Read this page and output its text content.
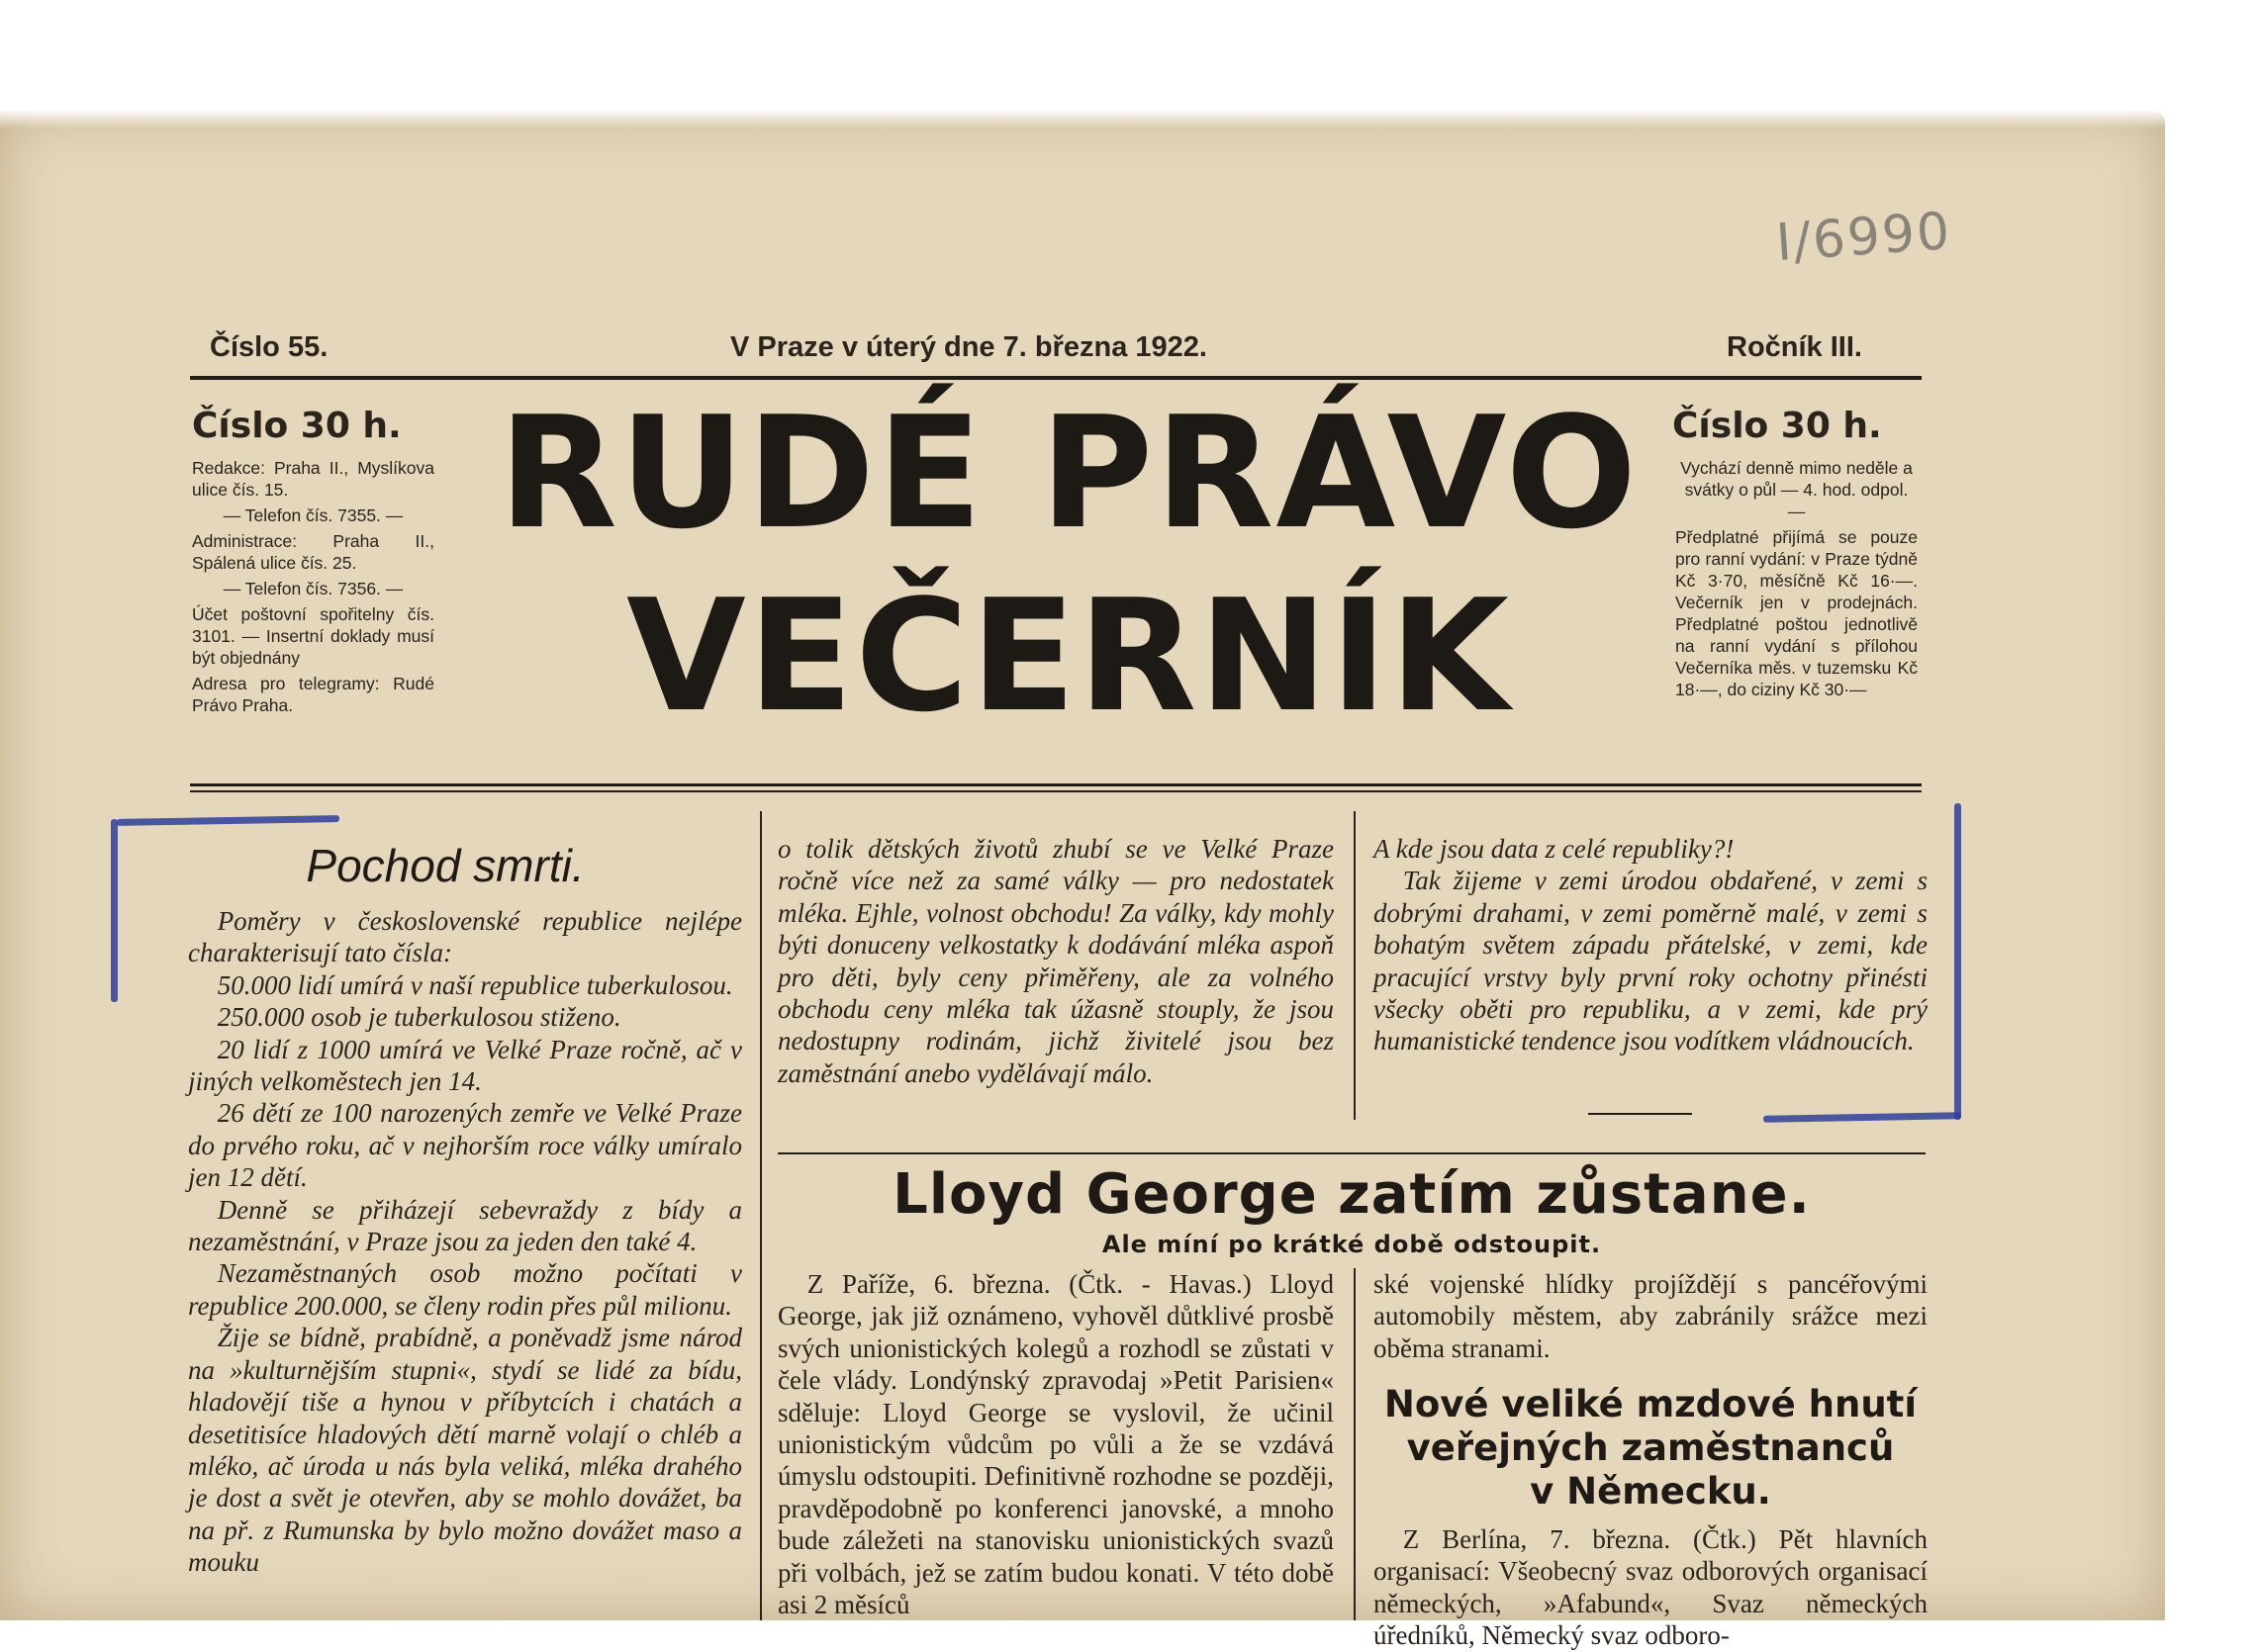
I/6990
Číslo 55.	V Praze v úterý dne 7. března 1922.	Ročník III.
Číslo 30 h.

Redakce: Praha II., Myslíkova ulice čís. 15.

— Telefon čís. 7355. —

Administrace: Praha II., Spálená ulice čís. 25.

— Telefon čís. 7356. —

Účet poštovní spořitelny čís. 3101. — Insertní doklady musí být objednány

Adresa pro telegramy: Rudé Právo Praha.

RUDÉ PRÁVO
VEČERNÍK
Číslo 30 h.

Vychází denně mimo neděle a svátky o půl — 4. hod. odpol. —

Předplatné přijímá se pouze pro ranní vydání: v Praze týdně Kč 3·70, měsíčně Kč 16·—. Večerník jen v prodejnách. Předplatné poštou jednotlivě na ranní vydání s přílohou Večerníka měs. v tuzemsku Kč 18·—, do ciziny Kč 30·—

Pochod smrti.

Poměry v československé republice nejlépe charakterisují tato čísla:

50.000 lidí umírá v naší republice tuberkulosou.

250.000 osob je tuberkulosou stiženo.

20 lidí z 1000 umírá ve Velké Praze ročně, ač v jiných velkoměstech jen 14.

26 dětí ze 100 narozených zemře ve Velké Praze do prvého roku, ač v nejhorším roce války umíralo jen 12 dětí.

Denně se přiházejí sebevraždy z bídy a nezaměstnání, v Praze jsou za jeden den také 4.

Nezaměstnaných osob možno počítati v republice 200.000, se členy rodin přes půl milionu.

Žije se bídně, prabídně, a poněvadž jsme národ na »kulturnějším stupni«, stydí se lidé za bídu, hladovějí tiše a hynou v příbytcích i chatách a desetitisíce hladových dětí marně volají o chléb a mléko, ač úroda u nás byla veliká, mléka drahého je dost a svět je otevřen, aby se mohlo dovážet, ba na př. z Rumunska by bylo možno dovážet maso a mouku

o tolik dětských životů zhubí se ve Velké Praze ročně více než za samé války — pro nedostatek mléka. Ejhle, volnost obchodu! Za války, kdy mohly býti donuceny velkostatky k dodávání mléka aspoň pro děti, byly ceny přiměřeny, ale za volného obchodu ceny mléka tak úžasně stouply, že jsou nedostupny rodinám, jichž živitelé jsou bez zaměstnání anebo vydělávají málo.

A kde jsou data z celé republiky?!

Tak žijeme v zemi úrodou obdařené, v zemi s dobrými drahami, v zemi poměrně malé, v zemi s bohatým světem západu přátelské, v zemi, kde pracující vrstvy byly první roky ochotny přinésti všecky oběti pro republiku, a v zemi, kde prý humanistické tendence jsou vodítkem vládnoucích.

Lloyd George zatím zůstane.
Ale míní po krátké době odstoupit.

Z Paříže, 6. března. (Čtk. - Havas.) Lloyd George, jak již oznámeno, vyhověl důtklivé prosbě svých unionistických kolegů a rozhodl se zůstati v čele vlády. Londýnský zpravodaj »Petit Parisien« sděluje: Lloyd George se vyslovil, že učinil unionistickým vůdcům po vůli a že se vzdává úmyslu odstoupiti. Definitivně rozhodne se později, pravděpodobně po konferenci janovské, a mnoho bude záležeti na stanovisku unionistických svazů při volbách, jež se zatím budou konati. V této době asi 2 měsíců

ské vojenské hlídky projíždějí s pancéřovými automobily městem, aby zabránily srážce mezi oběma stranami.

Nové veliké mzdové hnutí
veřejných zaměstnanců
v Německu.

Z Berlína, 7. března. (Čtk.) Pět hlavních organisací: Všeobecný svaz odborových organisací německých, »Afabund«, Svaz německých úředníků, Německý svaz odboro-
